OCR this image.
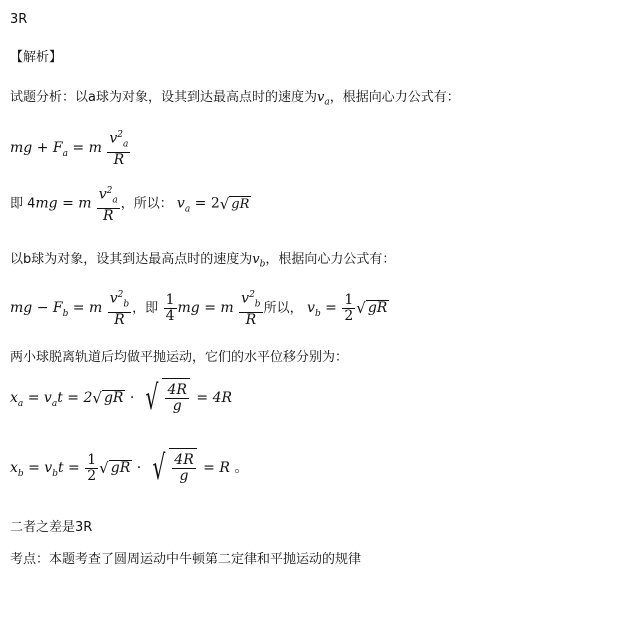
3R
【解析】
试题分析：以a球为对象，设其到达最高点时的速度为$v_a$，根据向心力公式有：
mg + $F_a = m \frac{v^2_a}{R}$
即 4mg = m $\frac{v^2_a}{R}$ ，所以： $v_a = 2$ √ gR
以b球为对象，设其到达最高点时的速度为$v_b$，根据向心力公式有：
mg − $F_b = m \frac{v^2_b}{R}$ ，即 $\frac{1}{4}$ mg = m $\frac{v^2_b}{R}$ 所以， $v_b = \frac{1}{2}$ √ gR
两小球脱离轨道后均做平抛运动，它们的水平位移分别为：
$x_a = v_at = 2$ √ gR · √ $\frac{4R}{g} = 4R$
$x_b = v_bt = \frac{1}{2}$ √ gR · √ $\frac{4R}{g} = R$ 。
二者之差是3R
考点：本题考查了圆周运动中牛顿第二定律和平抛运动的规律
